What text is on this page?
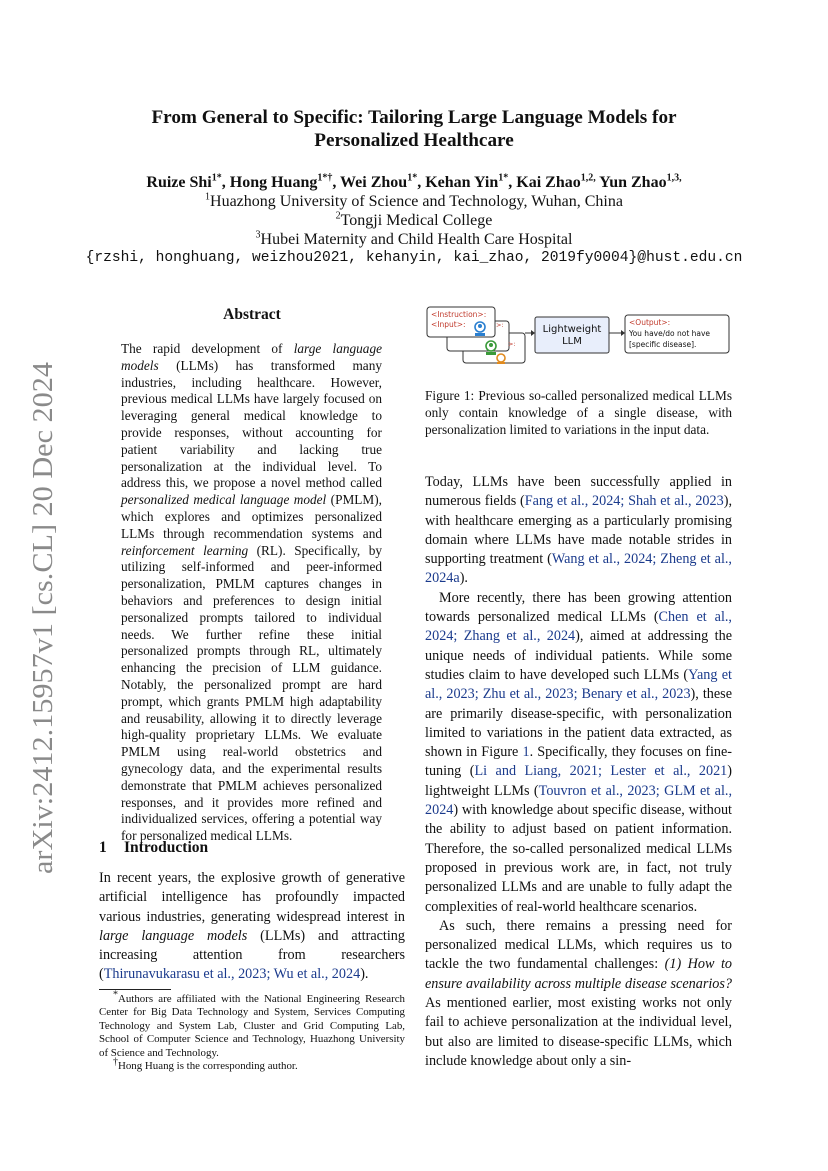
arXiv:2412.15957v1 [cs.CL] 20 Dec 2024
From General to Specific: Tailoring Large Language Models for
Personalized Healthcare
Ruize Shi$^{1*}$, Hong Huang$^{1*\dagger}$, Wei Zhou$^{1*}$, Kehan Yin$^{1*}$, Kai Zhao$^{1,2,}$ Yun Zhao$^{1,3,}$
$^1$Huazhong University of Science and Technology, Wuhan, China
$^2$Tongji Medical College
$^3$Hubei Maternity and Child Health Care Hospital
{rzshi, honghuang, weizhou2021, kehanyin, kai_zhao, 2019fy0004}@hust.edu.cn
Abstract
The rapid development of large language models (LLMs) has transformed many industries, including healthcare. However, previous medical LLMs have largely focused on leveraging general medical knowledge to provide responses, without accounting for patient variability and lacking true personalization at the individual level. To address this, we propose a novel method called personalized medical language model (PMLM), which explores and optimizes personalized LLMs through recommendation systems and reinforcement learning (RL). Specifically, by utilizing self-informed and peer-informed personalization, PMLM captures changes in behaviors and preferences to design initial personalized prompts tailored to individual needs. We further refine these initial personalized prompts through RL, ultimately enhancing the precision of LLM guidance. Notably, the personalized prompt are hard prompt, which grants PMLM high adaptability and reusability, allowing it to directly leverage high-quality proprietary LLMs. We evaluate PMLM using real-world obstetrics and gynecology data, and the experimental results demonstrate that PMLM achieves personalized responses, and it provides more refined and individualized services, offering a potential way for personalized medical LLMs.
1 Introduction
In recent years, the explosive growth of generative artificial intelligence has profoundly impacted various industries, generating widespread interest in large language models (LLMs) and attracting increasing attention from researchers (Thirunavukarasu et al., 2023; Wu et al., 2024).

*Authors are affiliated with the National Engineering Research Center for Big Data Technology and System, Services Computing Technology and System Lab, Cluster and Grid Computing Lab, School of Computer Science and Technology, Huazhong University of Science and Technology.

†Hong Huang is the corresponding author.

<Instruction>:
<Input>:	>:
>:
Lightweight
LLM
<Output>:
You have/do not have
[specific disease].
Figure 1: Previous so-called personalized medical LLMs only contain knowledge of a single disease, with personalization limited to variations in the input data.

Today, LLMs have been successfully applied in numerous fields (Fang et al., 2024; Shah et al., 2023), with healthcare emerging as a particularly promising domain where LLMs have made notable strides in supporting treatment (Wang et al., 2024; Zheng et al., 2024a).

More recently, there has been growing attention towards personalized medical LLMs (Chen et al., 2024; Zhang et al., 2024), aimed at addressing the unique needs of individual patients. While some studies claim to have developed such LLMs (Yang et al., 2023; Zhu et al., 2023; Benary et al., 2023), these are primarily disease-specific, with personalization limited to variations in the patient data extracted, as shown in Figure 1. Specifically, they focuses on fine-tuning (Li and Liang, 2021; Lester et al., 2021) lightweight LLMs (Touvron et al., 2023; GLM et al., 2024) with knowledge about specific disease, without the ability to adjust based on patient information. Therefore, the so-called personalized medical LLMs proposed in previous work are, in fact, not truly personalized LLMs and are unable to fully adapt the complexities of real-world healthcare scenarios.

As such, there remains a pressing need for personalized medical LLMs, which requires us to tackle the two fundamental challenges: (1) How to ensure availability across multiple disease scenarios? As mentioned earlier, most existing works not only fail to achieve personalization at the individual level, but also are limited to disease-specific LLMs, which include knowledge about only a sin-
